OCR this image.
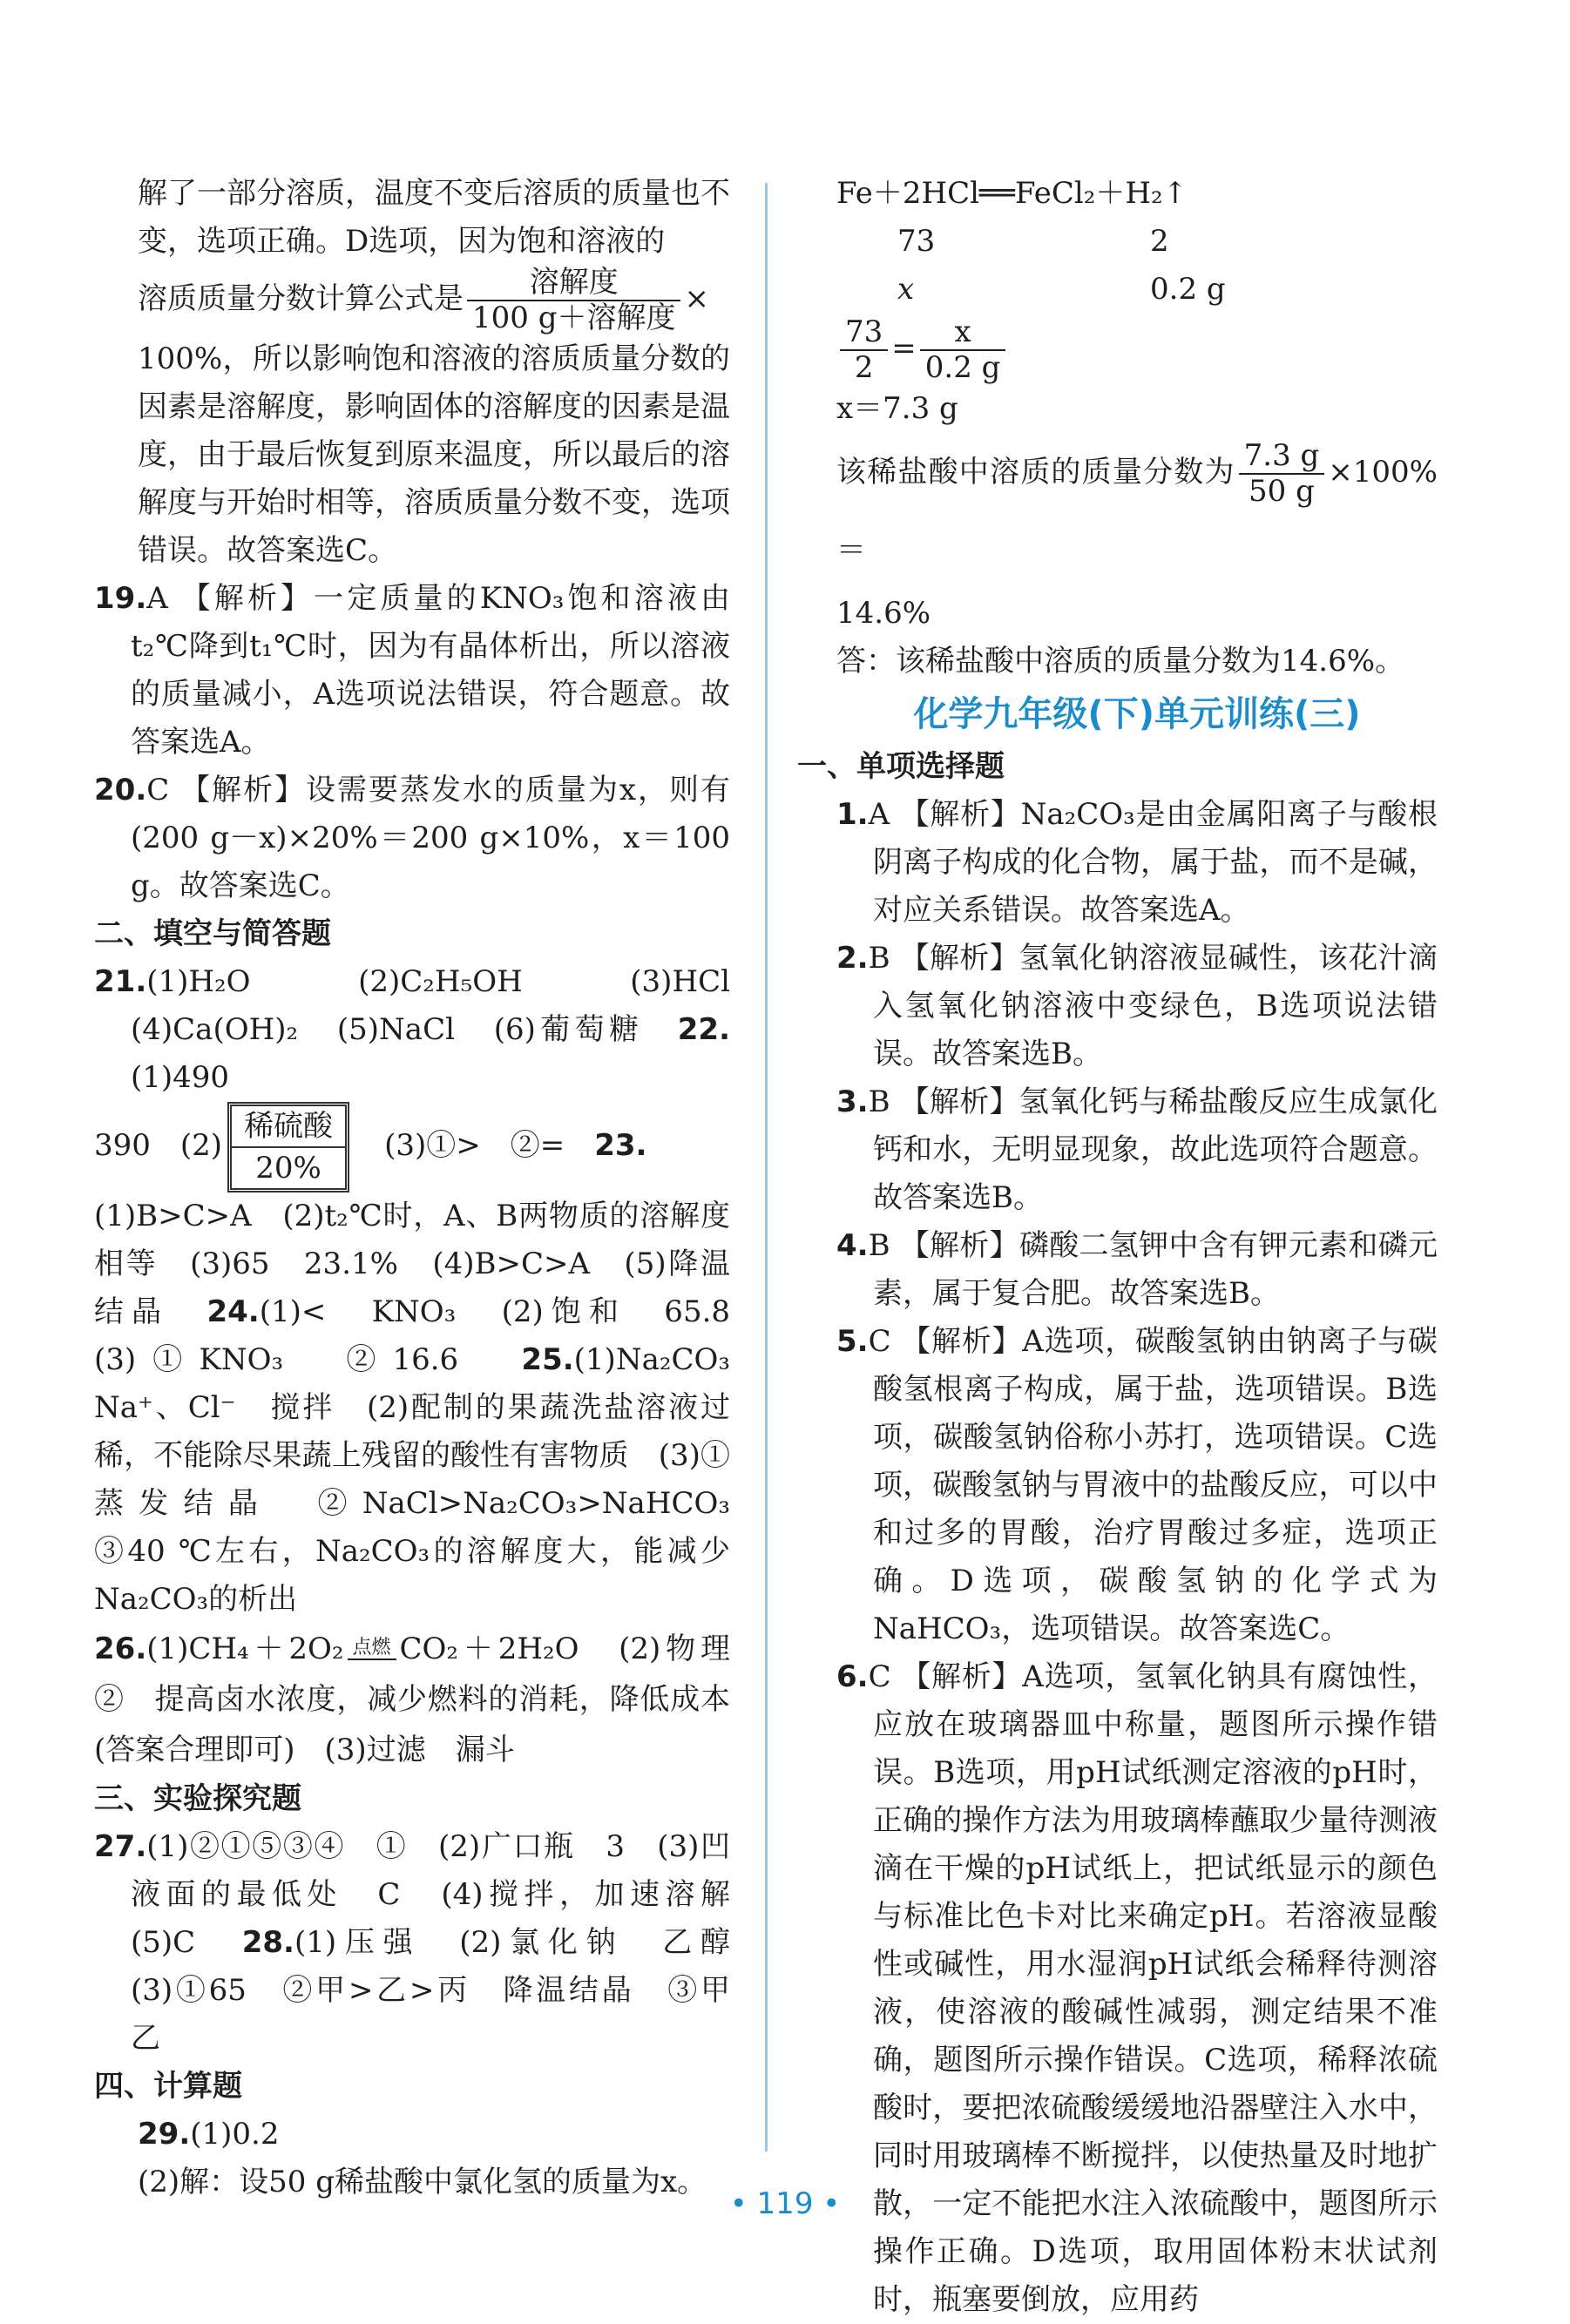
解了一部分溶质，温度不变后溶质的质量也不变，选项正确。D选项，因为饱和溶液的

溶质质量分数计算公式是 $\frac{\text{溶解度}}{\text{100 g＋溶解度}}$ ×

100%，所以影响饱和溶液的溶质质量分数的因素是溶解度，影响固体的溶解度的因素是温度，由于最后恢复到原来温度，所以最后的溶解度与开始时相等，溶质质量分数不变，选项错误。故答案选C。

19.A 【解析】一定质量的KNO₃饱和溶液由t₂℃降到t₁℃时，因为有晶体析出，所以溶液的质量减小，A选项说法错误，符合题意。故答案选A。

20.C 【解析】设需要蒸发水的质量为x，则有(200 g－x)×20%＝200 g×10%，x＝100 g。故答案选C。

二、填空与简答题

21.(1)H₂O　(2)C₂H₅OH　(3)HCl　(4)Ca(OH)₂　(5)NaCl　(6)葡萄糖　 22.(1)490

390　(2)
稀硫酸
20%
　(3)①>　②=　 23.

(1)B>C>A　(2)t₂℃时，A、B两物质的溶解度相等　(3)65　23.1%　(4)B>C>A　(5)降温结晶　 24.(1)<　KNO₃　(2)饱和　65.8　(3)①KNO₃　②16.6　 25.(1)Na₂CO₃　Na⁺、Cl⁻　搅拌　(2)配制的果蔬洗盐溶液过稀，不能除尽果蔬上残留的酸性有害物质　(3)①蒸发结晶　②NaCl>Na₂CO₃>NaHCO₃　③40 ℃左右，Na₂CO₃的溶解度大，能减少Na₂CO₃的析出

26.(1)CH₄＋2O₂ 点燃
CO₂＋2H₂O　(2)物理　②　提高卤水浓度，减少燃料的消耗，降低成本(答案合理即可)　(3)过滤　漏斗

三、实验探究题

27.(1)②①⑤③④　①　(2)广口瓶　3　(3)凹液面的最低处　C　(4)搅拌，加速溶解　(5)C　 28.(1)压强　(2)氯化钠　乙醇　(3)①65　②甲>乙>丙　降温结晶　③甲　乙

四、计算题

29.(1)0.2

(2)解：设50 g稀盐酸中氯化氢的质量为x。

Fe＋2HCl══FeCl₂＋H₂↑

73	2
x	0.2 g

$\frac{73}{2} = \frac{x}{0.2 g}$

x＝7.3 g

该稀盐酸中溶质的质量分数为 $\frac{7.3 g}{50 g} \times 100\%=$

14.6%

答：该稀盐酸中溶质的质量分数为14.6%。

化学九年级(下)单元训练(三)
一、单项选择题

1.A 【解析】Na₂CO₃是由金属阳离子与酸根阴离子构成的化合物，属于盐，而不是碱，对应关系错误。故答案选A。

2.B 【解析】氢氧化钠溶液显碱性，该花汁滴入氢氧化钠溶液中变绿色，B选项说法错误。故答案选B。

3.B 【解析】氢氧化钙与稀盐酸反应生成氯化钙和水，无明显现象，故此选项符合题意。故答案选B。

4.B 【解析】磷酸二氢钾中含有钾元素和磷元素，属于复合肥。故答案选B。

5.C 【解析】A选项，碳酸氢钠由钠离子与碳酸氢根离子构成，属于盐，选项错误。B选项，碳酸氢钠俗称小苏打，选项错误。C选项，碳酸氢钠与胃液中的盐酸反应，可以中和过多的胃酸，治疗胃酸过多症，选项正确。D选项，碳酸氢钠的化学式为NaHCO₃，选项错误。故答案选C。

6.C 【解析】A选项，氢氧化钠具有腐蚀性，应放在玻璃器皿中称量，题图所示操作错误。B选项，用pH试纸测定溶液的pH时，正确的操作方法为用玻璃棒蘸取少量待测液滴在干燥的pH试纸上，把试纸显示的颜色与标准比色卡对比来确定pH。若溶液显酸性或碱性，用水湿润pH试纸会稀释待测溶液，使溶液的酸碱性减弱，测定结果不准确，题图所示操作错误。C选项，稀释浓硫酸时，要把浓硫酸缓缓地沿器壁注入水中，同时用玻璃棒不断搅拌，以使热量及时地扩散，一定不能把水注入浓硫酸中，题图所示操作正确。D选项，取用固体粉末状试剂时，瓶塞要倒放，应用药

• 119 •
